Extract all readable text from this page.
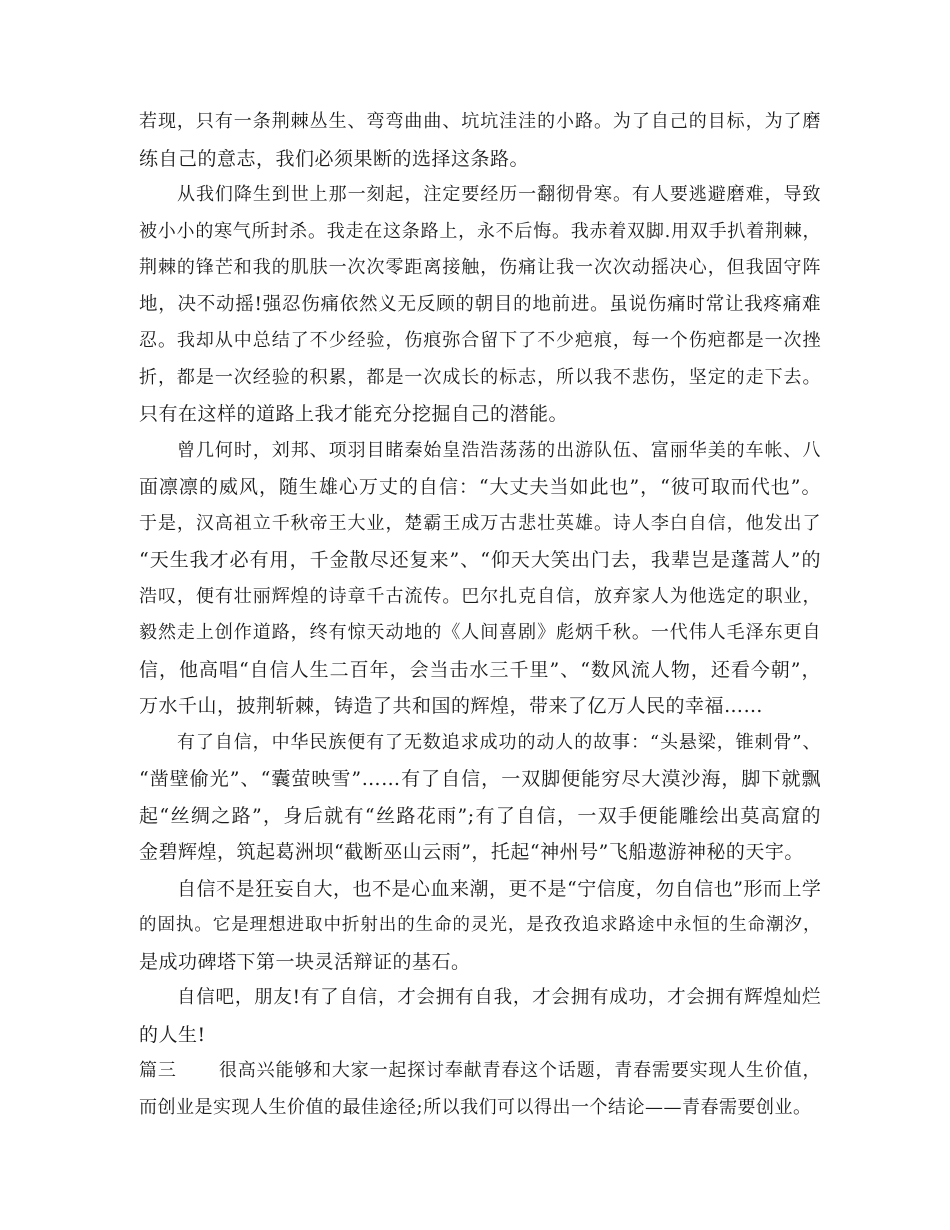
若现，只有一条荆棘丛生、弯弯曲曲、坑坑洼洼的小路。为了自己的目标，为了磨
练自己的意志，我们必须果断的选择这条路。
从我们降生到世上那一刻起，注定要经历一翻彻骨寒。有人要逃避磨难，导致
被小小的寒气所封杀。我走在这条路上，永不后悔。我赤着双脚.用双手扒着荆棘，
荆棘的锋芒和我的肌肤一次次零距离接触，伤痛让我一次次动摇决心，但我固守阵
地，决不动摇!强忍伤痛依然义无反顾的朝目的地前进。虽说伤痛时常让我疼痛难
忍。我却从中总结了不少经验，伤痕弥合留下了不少疤痕，每一个伤疤都是一次挫
折，都是一次经验的积累，都是一次成长的标志，所以我不悲伤，坚定的走下去。
只有在这样的道路上我才能充分挖掘自己的潜能。
曾几何时，刘邦、项羽目睹秦始皇浩浩荡荡的出游队伍、富丽华美的车帐、八
面凛凛的威风，随生雄心万丈的自信：“大丈夫当如此也”，“彼可取而代也”。
于是，汉高祖立千秋帝王大业，楚霸王成万古悲壮英雄。诗人李白自信，他发出了
“天生我才必有用，千金散尽还复来”、“仰天大笑出门去，我辈岂是蓬蒿人”的
浩叹，便有壮丽辉煌的诗章千古流传。巴尔扎克自信，放弃家人为他选定的职业，
毅然走上创作道路，终有惊天动地的《人间喜剧》彪炳千秋。一代伟人毛泽东更自
信，他高唱“自信人生二百年，会当击水三千里”、“数风流人物，还看今朝”，
万水千山，披荆斩棘，铸造了共和国的辉煌，带来了亿万人民的幸福……
有了自信，中华民族便有了无数追求成功的动人的故事：“头悬梁，锥刺骨”、
“凿壁偷光”、“囊萤映雪”……有了自信，一双脚便能穷尽大漠沙海，脚下就飘
起“丝绸之路”，身后就有“丝路花雨”;有了自信，一双手便能雕绘出莫高窟的
金碧辉煌，筑起葛洲坝“截断巫山云雨”，托起“神州号”飞船遨游神秘的天宇。
自信不是狂妄自大，也不是心血来潮，更不是“宁信度，勿自信也”形而上学
的固执。它是理想进取中折射出的生命的灵光，是孜孜追求路途中永恒的生命潮汐，
是成功碑塔下第一块灵活辩证的基石。
自信吧，朋友!有了自信，才会拥有自我，才会拥有成功，才会拥有辉煌灿烂
的人生!
篇三 很高兴能够和大家一起探讨奉献青春这个话题，青春需要实现人生价值，
而创业是实现人生价值的最佳途径;所以我们可以得出一个结论——青春需要创业。
